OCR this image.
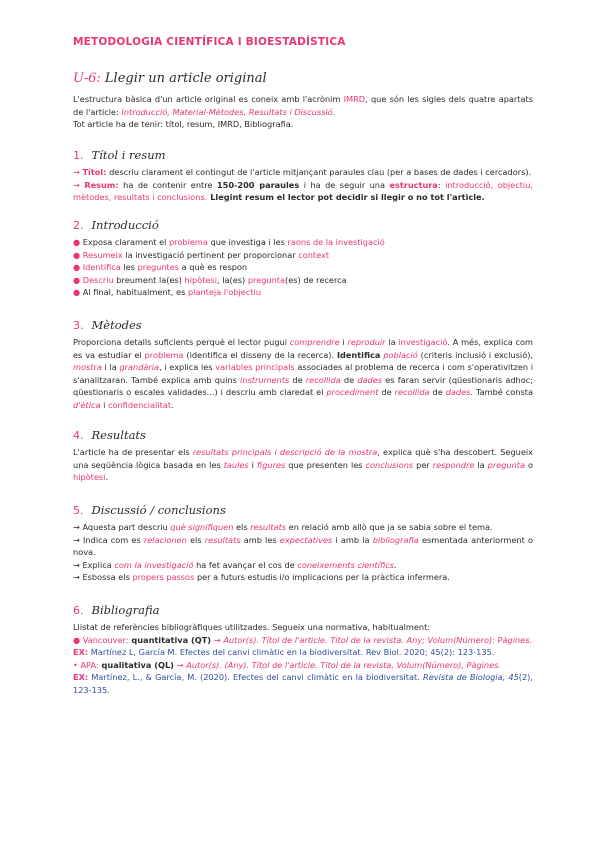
METODOLOGIA CIENTÍFICA I BIOESTADÍSTICA
U-6: Llegir un article original

L'estructura bàsica d'un article original es coneix amb l'acrònim IMRD, que són les sigles dels quatre apartats de l'article: Introducció, Material-Mètodes, Resultats i Discussió.

Tot article ha de tenir: títol, resum, IMRD, Bibliografia.

1. Títol i resum

→ Títol: descriu clarament el contingut de l'article mitjançant paraules clau (per a bases de dades i cercadors).

→ Resum: ha de contenir entre 150-200 paraules i ha de seguir una estructura: introducció, objectiu, mètodes, resultats i conclusions. Llegint resum el lector pot decidir si llegir o no tot l'article.

2. Introducció

● Exposa clarament el problema que investiga i les raons de la investigació

● Resumeix la investigació pertinent per proporcionar context

● Identifica les preguntes a què es respon

● Descriu breument la(es) hipòtesi, la(es) pregunta(es) de recerca

● Al final, habitualment, es planteja l'objectiu

3. Mètodes

Proporciona detalls suficients perquè el lector pugui comprendre i reproduir la investigació. A més, explica com es va estudiar el problema (identifica el disseny de la recerca). Identifica població (criteris inclusió i exclusió), mostra i la grandària, i explica les variables principals associades al problema de recerca i com s'operativitzen i s'analitzaran. També explica amb quins instruments de recollida de dades es faran servir (qüestionaris adhoc; qüestionaris o escales validades...) i descriu amb claredat el procediment de recollida de dades. També consta d'ètica i confidencialitat.

4. Resultats

L'article ha de presentar els resultats principals i descripció de la mostra, explica què s'ha descobert. Segueix una seqüència lògica basada en les taules i figures que presenten les conclusions per respondre la pregunta o hipòtesi.

5. Discussió / conclusions

→ Aquesta part descriu què signifiquen els resultats en relació amb allò que ja se sabia sobre el tema.

→ Indica com es relacionen els resultats amb les expectatives i amb la bibliografia esmentada anteriorment o nova.

→ Explica com la investigació ha fet avançar el cos de coneixements científics.

→ Esbossa els propers passos per a futurs estudis i/o implicacions per la pràctica infermera.

6. Bibliografia

Llistat de referències bibliogràfiques utilitzades. Segueix una normativa, habitualment:

● Vancouver: quantitativa (QT) → Autor(s). Títol de l'article. Títol de la revista. Any; Volum(Número): Pàgines.

EX: Martínez L, García M. Efectes del canvi climàtic en la biodiversitat. Rev Biol. 2020; 45(2): 123-135.

• APA: qualitativa (QL) → Autor(s). (Any). Títol de l'article. Títol de la revista, Volum(Número), Pàgines.

EX: Martínez, L., & García, M. (2020). Efectes del canvi climàtic en la biodiversitat. Revista de Biologia, 45(2), 123-135.
